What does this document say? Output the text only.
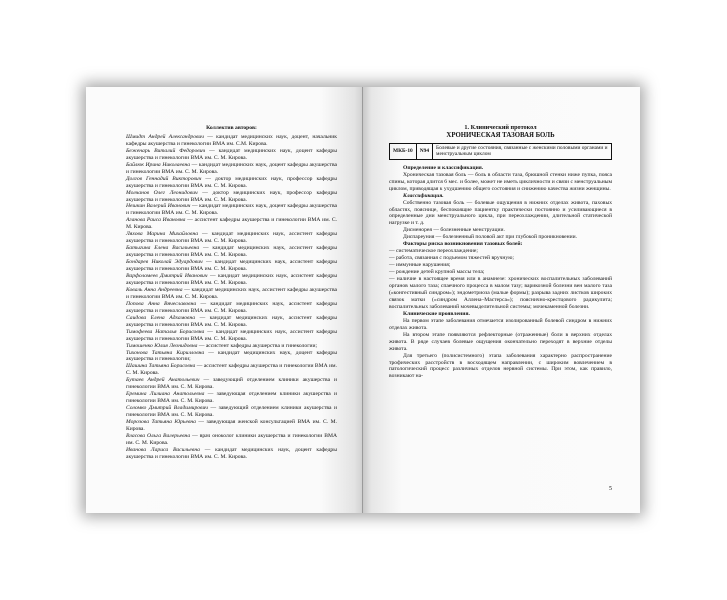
Коллектив авторов:
Шмидт Андрей Александрович — кандидат медицинских наук, доцент, начальник кафедры акушерства и гинекологии ВМА им. С.М. Кирова.
Беженарь Виталий Федорович — кандидат медицинских наук, доцент кафедры акушерства и гинекологии ВМА им. С. М. Кирова.
Байлюк Ирина Николаевна — кандидат медицинских наук, доцент кафедры акушерства и гинекологии ВМА им. С. М. Кирова.
Долгов Геннадий Викторович — доктор медицинских наук, профессор кафедры акушерства и гинекологии ВМА им. С. М. Кирова.
Молчанов Олег Леонидович — доктор медицинских наук, профессор кафедры акушерства и гинекологии ВМА им. С. М. Кирова.
Нешкин Валерий Иванович — кандидат медицинских наук, доцент кафедры акушерства и гинекологии ВМА им. С. М. Кирова.
Аганова Раиса Ивановна — ассистент кафедры акушерства и гинекологии ВМА им. С. М. Кирова.
Ляхова Марина Михайловна — кандидат медицинских наук, ассистент кафедры акушерства и гинекологии ВМА им. С. М. Кирова.
Батыгина Елена Васильевна — кандидат медицинских наук, ассистент кафедры акушерства и гинекологии ВМА им. С. М. Кирова.
Бондарев Николай Эдуардович — кандидат медицинских наук, ассистент кафедры акушерства и гинекологии ВМА им. С. М. Кирова.
Варфоломеев Дмитрий Иванович — кандидат медицинских наук, ассистент кафедры акушерства и гинекологии ВМА им. С. М. Кирова.
Коваль Анна Андреевна — кандидат медицинских наук, ассистент кафедры акушерства и гинекологии ВМА им. С. М. Кирова.
Попова Анна Вячеславовна — кандидат медицинских наук, ассистент кафедры акушерства и гинекологии ВМА им. С. М. Кирова.
Саидова Елена Адхамовна — кандидат медицинских наук, ассистент кафедры акушерства и гинекологии ВМА им. С. М. Кирова.
Тимофеева Наталья Борисовна — кандидат медицинских наук, ассистент кафедры акушерства и гинекологии ВМА им. С. М. Кирова.
Тимошенко Юлия Леонидовна — ассистент кафедры акушерства и гинекологии;
Тихонова Татьяна Кирилловна — кандидат медицинских наук, доцент кафедры акушерства и гинекологии;
Шашина Татьяна Борисовна — ассистент кафедры акушерства и гинекологии ВМА им. С. М. Кирова.
Бутаев Андрей Анатольевич — заведующий отделением клиники акушерства и гинекологии ВМА им. С. М. Кирова.
Еремина Лилиана Анатольевна — заведующая отделением клиники акушерства и гинекологии ВМА им. С. М. Кирова.
Соломко Дмитрий Владимирович — заведующий отделением клиники акушерства и гинекологии ВМА им. С. М. Кирова.
Морозова Татьяна Юрьевна — заведующая женской консультацией ВМА им. С. М. Кирова.
Власова Ольга Валерьевна — врач оноколог клиники акушерства и гинекологии ВМА им. С. М. Кирова.
Иванова Лариса Васильевна — кандидат медицинских наук, доцент кафедры акушерства и гинекологии ВМА им. С. М. Кирова.
1. Клинический протокол
ХРОНИЧЕСКАЯ ТАЗОВАЯ БОЛЬ
МКБ-10	N94	Болевые и другие состояния, связанные с женскими половыми органами и менструальным циклом
Определение и классификация.
Хроническая тазовая боль — боль в области таза, брюшной стенки ниже пупка, пояса спины, которая длится 6 мес. и более, может не иметь цикличности и связи с менструальным циклом, приводящая к ухудшению общего состояния и снижению качества жизни женщины.
Классификация.
Собственно тазовая боль — болевые ощущения в нижних отделах живота, паховых областях, пояснице, беспокоящие пациентку практически постоянно и усиливающиеся в определенные дни менструального цикла, при переохлаждении, длительной статической нагрузке и т. д.
Дисменорея — болезненные менструации.
Диспареуния — болезненный половой акт при глубокой проникновении.
Факторы риска возникновения тазовых болей:
— систематическое переохлаждение;
— работа, связанная с подъемом тяжестей вручную;
— иммунные нарушения;
— рождение детей крупной массы тела;
— наличие в настоящее время или в анамнезе: хронических воспалительных заболеваний органов малого таза; спаечного процесса в малом тазу; варикозной болезни вен малого таза («конгестивный синдром»); эндометриоза (малые формы); разрыва задних листков широких связок матки («синдром Аллена–Мастерса»); пояснично-крестцового радикулита; воспалительных заболеваний мочевыделительной системы; мочекаменной болезни.
Клинические проявления.
На первом этапе заболевания отмечается изолированный болевой синдром в нижних отделах живота.
На втором этапе появляются рефлекторные (отраженные) боли в верхних отделах живота. В ряде случаев болевые ощущения окончательно переходят в верхние отделы живота.
Для третьего (полисистемного) этапа заболевания характерно распространение трофических расстройств в восходящем направлении, с широким вовлечением в патологический процесс различных отделов нервной системы. При этом, как правило, возникают на-
5
